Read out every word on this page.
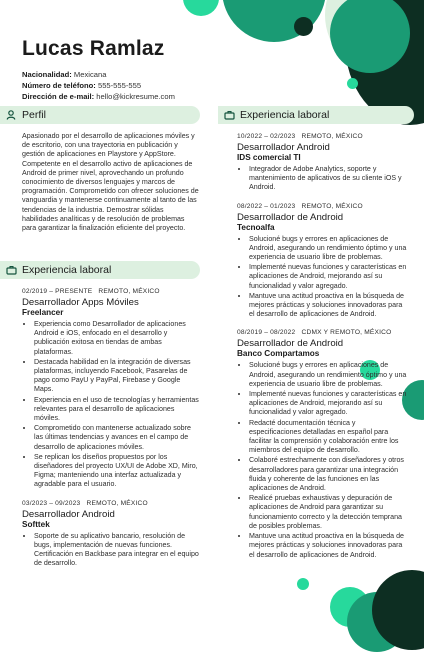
Lucas Ramlaz
Nacionalidad: Mexicana
Número de teléfono: 555-555-555
Dirección de e-mail: hello@kickresume.com
Perfil	Experiencia laboral
Experiencia laboral

Apasionado por el desarrollo de aplicaciones móviles y de escritorio, con una trayectoria en publicación y gestión de aplicaciones en Playstore y AppStore. Competente en el desarrollo activo de aplicaciones de Android de primer nivel, aprovechando un profundo conocimiento de diversos lenguajes y marcos de programación. Comprometido con ofrecer soluciones de vanguardia y mantenerse continuamente al tanto de las tendencias de la industria. Demostrar sólidas habilidades analíticas y de resolución de problemas para garantizar la finalización eficiente del proyecto.

02/2019 – PRESENTE REMOTO, MÉXICO
Desarrollador Apps Móviles
Freelancer
• Experiencia como Desarrollador de aplicaciones Android e iOS, enfocado en el desarrollo y publicación exitosa en tiendas de ambas plataformas.
• Destacada habilidad en la integración de diversas plataformas, incluyendo Facebook, Pasarelas de pago como PayU y PayPal, Firebase y Google Maps.
• Experiencia en el uso de tecnologías y herramientas relevantes para el desarrollo de aplicaciones móviles.
• Comprometido con mantenerse actualizado sobre las últimas tendencias y avances en el campo de desarrollo de aplicaciones móviles.
• Se replican los diseños propuestos por los diseñadores del proyecto UX/UI de Adobe XD, Miro, Figma; manteniendo una interfaz actualizada y agradable para el usuario.
03/2023 – 09/2023 REMOTO, MÉXICO
Desarrollador Android
Softtek
• Soporte de su aplicativo bancario, resolución de bugs, implementación de nuevas funciones. Certificación en Backbase para integrar en el equipo de desarrollo.
10/2022 – 02/2023 REMOTO, MÉXICO
Desarrollador Android
IDS comercial TI
• Integrador de Adobe Analytics, soporte y mantenimiento de aplicativos de su cliente iOS y Android.
08/2022 – 01/2023 REMOTO, MÉXICO
Desarrollador de Android
Tecnoalfa
• Solucioné bugs y errores en aplicaciones de Android, asegurando un rendimiento óptimo y una experiencia de usuario libre de problemas.
• Implementé nuevas funciones y características en aplicaciones de Android, mejorando así su funcionalidad y valor agregado.
• Mantuve una actitud proactiva en la búsqueda de mejores prácticas y soluciones innovadoras para el desarrollo de aplicaciones de Android.
08/2019 – 08/2022 CDMX Y REMOTO, MÉXICO
Desarrollador de Android
Banco Compartamos
• Solucioné bugs y errores en aplicaciones de Android, asegurando un rendimiento óptimo y una experiencia de usuario libre de problemas.
• Implementé nuevas funciones y características en aplicaciones de Android, mejorando así su funcionalidad y valor agregado.
• Redacté documentación técnica y especificaciones detalladas en español para facilitar la comprensión y colaboración entre los miembros del equipo de desarrollo.
• Colaboré estrechamente con diseñadores y otros desarrolladores para garantizar una integración fluida y coherente de las funciones en las aplicaciones de Android.
• Realicé pruebas exhaustivas y depuración de aplicaciones de Android para garantizar su funcionamiento correcto y la detección temprana de posibles problemas.
• Mantuve una actitud proactiva en la búsqueda de mejores prácticas y soluciones innovadoras para el desarrollo de aplicaciones de Android.
